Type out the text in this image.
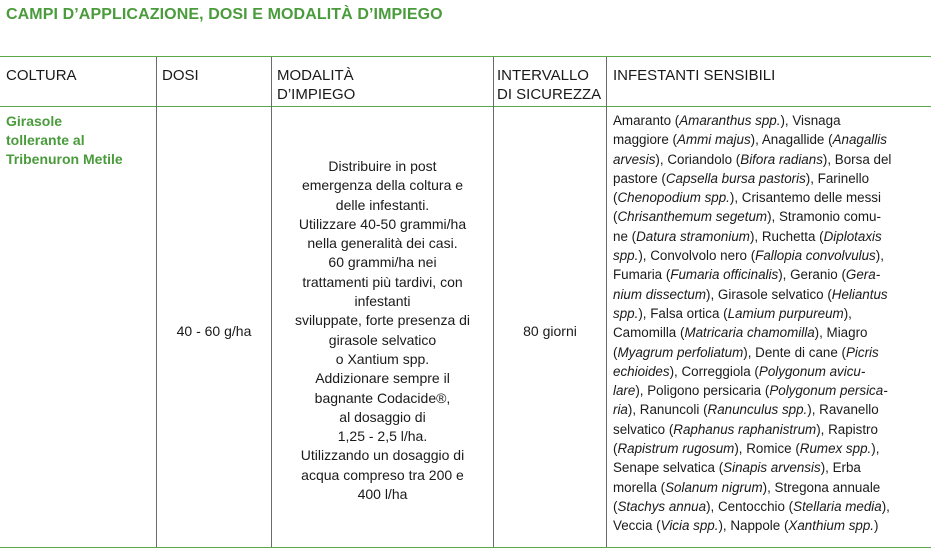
CAMPI D’APPLICAZIONE, DOSI E MODALITÀ D’IMPIEGO
COLTURA	DOSI	MODALITÀ
D’IMPIEGO
INTERVALLO
DI SICUREZZA
INFESTANTI SENSIBILI
Girasole
tollerante al
Tribenuron Metile
40 - 60 g/ha
Distribuire in post
emergenza della coltura e
delle infestanti.
Utilizzare 40-50 grammi/ha
nella generalità dei casi.
60 grammi/ha nei
trattamenti più tardivi, con
infestanti
sviluppate, forte presenza di
girasole selvatico
o Xantium spp.
Addizionare sempre il
bagnante Codacide®,
al dosaggio di
1,25 - 2,5 l/ha.
Utilizzando un dosaggio di
acqua compreso tra 200 e
400 l/ha
80 giorni
Amaranto (Amaranthus spp.), Visnaga
maggiore (Ammi majus), Anagallide (Anagallis
arvesis), Coriandolo (Bifora radians), Borsa del
pastore (Capsella bursa pastoris), Farinello
(Chenopodium spp.), Crisantemo delle messi
(Chrisanthemum segetum), Stramonio comu-
ne (Datura stramonium), Ruchetta (Diplotaxis
spp.), Convolvolo nero (Fallopia convolvulus),
Fumaria (Fumaria officinalis), Geranio (Gera-
nium dissectum), Girasole selvatico (Heliantus
spp.), Falsa ortica (Lamium purpureum),
Camomilla (Matricaria chamomilla), Miagro
(Myagrum perfoliatum), Dente di cane (Picris
echioides), Correggiola (Polygonum avicu-
lare), Poligono persicaria (Polygonum persica-
ria), Ranuncoli (Ranunculus spp.), Ravanello
selvatico (Raphanus raphanistrum), Rapistro
(Rapistrum rugosum), Romice (Rumex spp.),
Senape selvatica (Sinapis arvensis), Erba
morella (Solanum nigrum), Stregona annuale
(Stachys annua), Centocchio (Stellaria media),
Veccia (Vicia spp.), Nappole (Xanthium spp.)
